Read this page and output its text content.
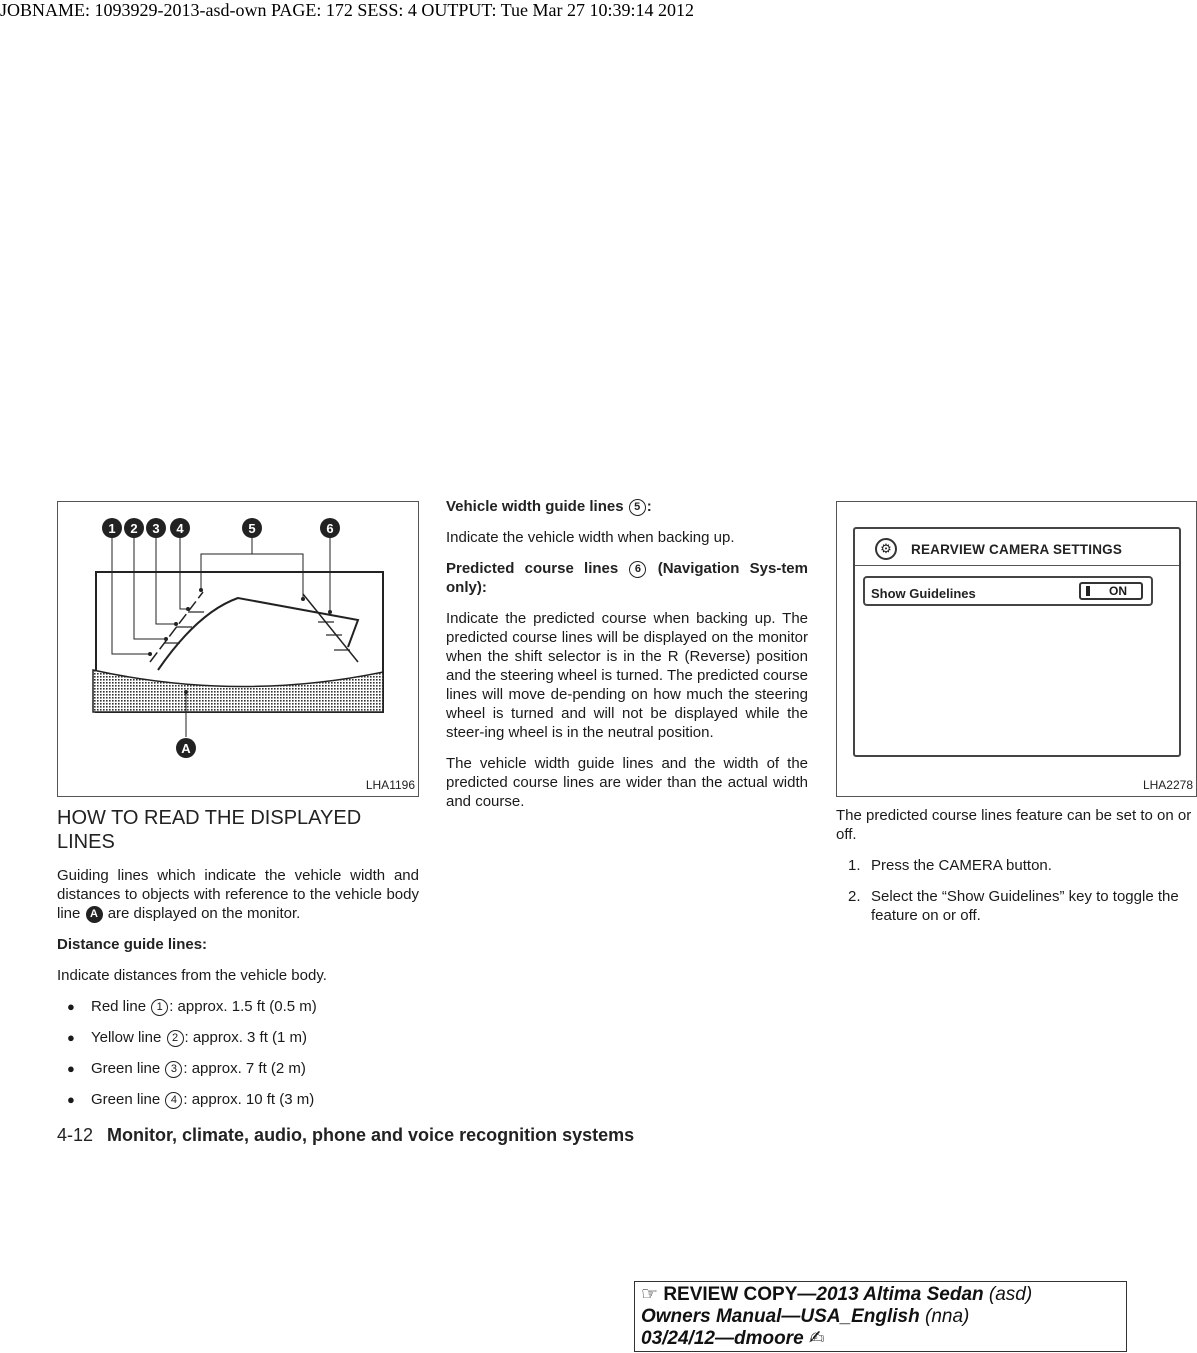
JOBNAME: 1093929-2013-asd-own PAGE: 172 SESS: 4 OUTPUT: Tue Mar 27 10:39:14 2012
1 2 3 4	5	6
A
LHA1196
HOW TO READ THE DISPLAYED LINES

Guiding lines which indicate the vehicle width and distances to objects with reference to the vehicle body line A are displayed on the monitor.

Distance guide lines:

Indicate distances from the vehicle body.

● Red line 1 : approx. 1.5 ft (0.5 m)
● Yellow line 2 : approx. 3 ft (1 m)
● Green line 3 : approx. 7 ft (2 m)
● Green line 4 : approx. 10 ft (3 m)

Vehicle width guide lines 5 :

Indicate the vehicle width when backing up.

Predicted course lines 6 (Navigation Sys-tem only):

Indicate the predicted course when backing up. The predicted course lines will be displayed on the monitor when the shift selector is in the R (Reverse) position and the steering wheel is turned. The predicted course lines will move de-pending on how much the steering wheel is turned and will not be displayed while the steer-ing wheel is in the neutral position.

The vehicle width guide lines and the width of the predicted course lines are wider than the actual width and course.

⚙	REARVIEW CAMERA SETTINGS
Show Guidelines	ON
LHA2278

The predicted course lines feature can be set to on or off.

1. Press the CAMERA button.
2. Select the “Show Guidelines” key to toggle the feature on or off.
4-12 Monitor, climate, audio, phone and voice recognition systems
☞ REVIEW COPY—2013 Altima Sedan (asd)
Owners Manual—USA_English (nna)
03/24/12—dmoore ✍
